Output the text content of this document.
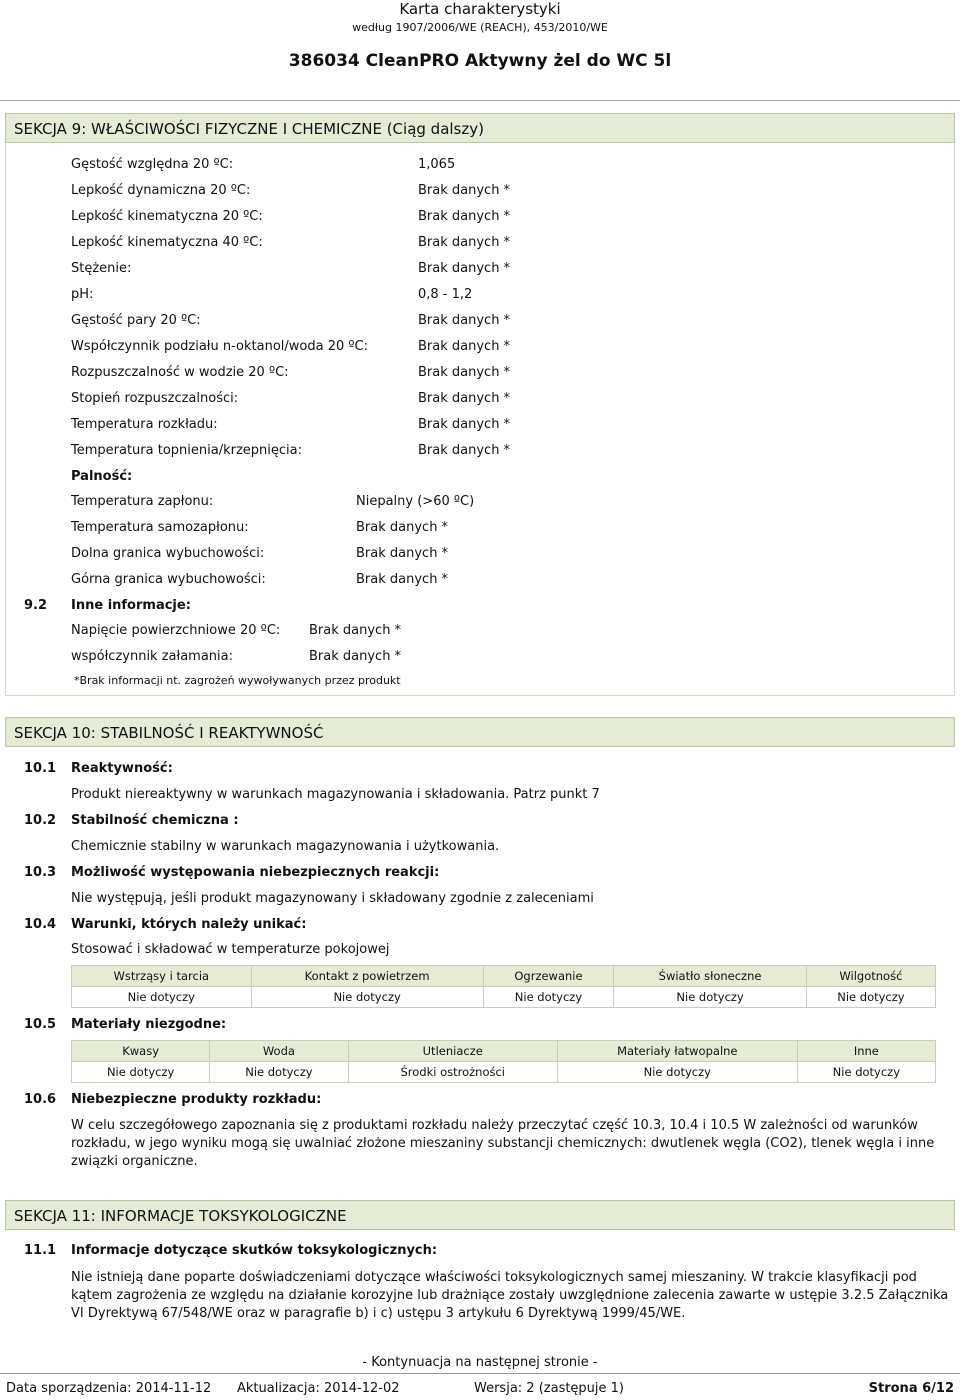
Karta charakterystyki
według 1907/2006/WE (REACH), 453/2010/WE
386034 CleanPRO Aktywny żel do WC 5l
SEKCJA 9: WŁAŚCIWOŚCI FIZYCZNE I CHEMICZNE (Ciąg dalszy)
Gęstość względna 20 ºC:	1,065
Lepkość dynamiczna 20 ºC:	Brak danych *
Lepkość kinematyczna 20 ºC:	Brak danych *
Lepkość kinematyczna 40 ºC:	Brak danych *
Stężenie:	Brak danych *
pH:	0,8 - 1,2
Gęstość pary 20 ºC:	Brak danych *
Współczynnik podziału n-oktanol/woda 20 ºC:	Brak danych *
Rozpuszczalność w wodzie 20 ºC:	Brak danych *
Stopień rozpuszczalności:	Brak danych *
Temperatura rozkładu:	Brak danych *
Temperatura topnienia/krzepnięcia:	Brak danych *
Palność:
Temperatura zapłonu:	Niepalny (>60 ºC)
Temperatura samozapłonu:	Brak danych *
Dolna granica wybuchowości:	Brak danych *
Górna granica wybuchowości:	Brak danych *
9.2 Inne informacje:
Napięcie powierzchniowe 20 ºC: Brak danych *
współczynnik załamania:	Brak danych *
*Brak informacji nt. zagrożeń wywoływanych przez produkt
SEKCJA 10: STABILNOŚĆ I REAKTYWNOŚĆ
10.1 Reaktywność:
Produkt niereaktywny w warunkach magazynowania i składowania. Patrz punkt 7
10.2 Stabilność chemiczna :
Chemicznie stabilny w warunkach magazynowania i użytkowania.
10.3 Możliwość występowania niebezpiecznych reakcji:
Nie występują, jeśli produkt magazynowany i składowany zgodnie z zaleceniami
10.4 Warunki, których należy unikać:
Stosować i składować w temperaturze pokojowej
Wstrząsy i tarcia	Kontakt z powietrzem	Ogrzewanie	Światło słoneczne	Wilgotność
Nie dotyczy	Nie dotyczy	Nie dotyczy	Nie dotyczy	Nie dotyczy
10.5 Materiały niezgodne:
Kwasy	Woda	Utleniacze	Materiały łatwopalne	Inne
Nie dotyczy	Nie dotyczy	Środki ostrożności	Nie dotyczy	Nie dotyczy
10.6 Niebezpieczne produkty rozkładu:
W celu szczegółowego zapoznania się z produktami rozkładu należy przeczytać część 10.3, 10.4 i 10.5 W zależności od warunków
rozkładu, w jego wyniku mogą się uwalniać złożone mieszaniny substancji chemicznych: dwutlenek węgla (CO2), tlenek węgla i inne
związki organiczne.
SEKCJA 11: INFORMACJE TOKSYKOLOGICZNE
11.1 Informacje dotyczące skutków toksykologicznych:
Nie istnieją dane poparte doświadczeniami dotyczące właściwości toksykologicznych samej mieszaniny. W trakcie klasyfikacji pod
kątem zagrożenia ze względu na działanie korozyjne lub drażniące zostały uwzględnione zalecenia zawarte w ustępie 3.2.5 Załącznika
VI Dyrektywą 67/548/WE oraz w paragrafie b) i c) ustępu 3 artykułu 6 Dyrektywą 1999/45/WE.
- Kontynuacja na następnej stronie -
Data sporządzenia: 2014-11-12 Aktualizacja: 2014-12-02	Wersja: 2 (zastępuje 1)	Strona 6/12
